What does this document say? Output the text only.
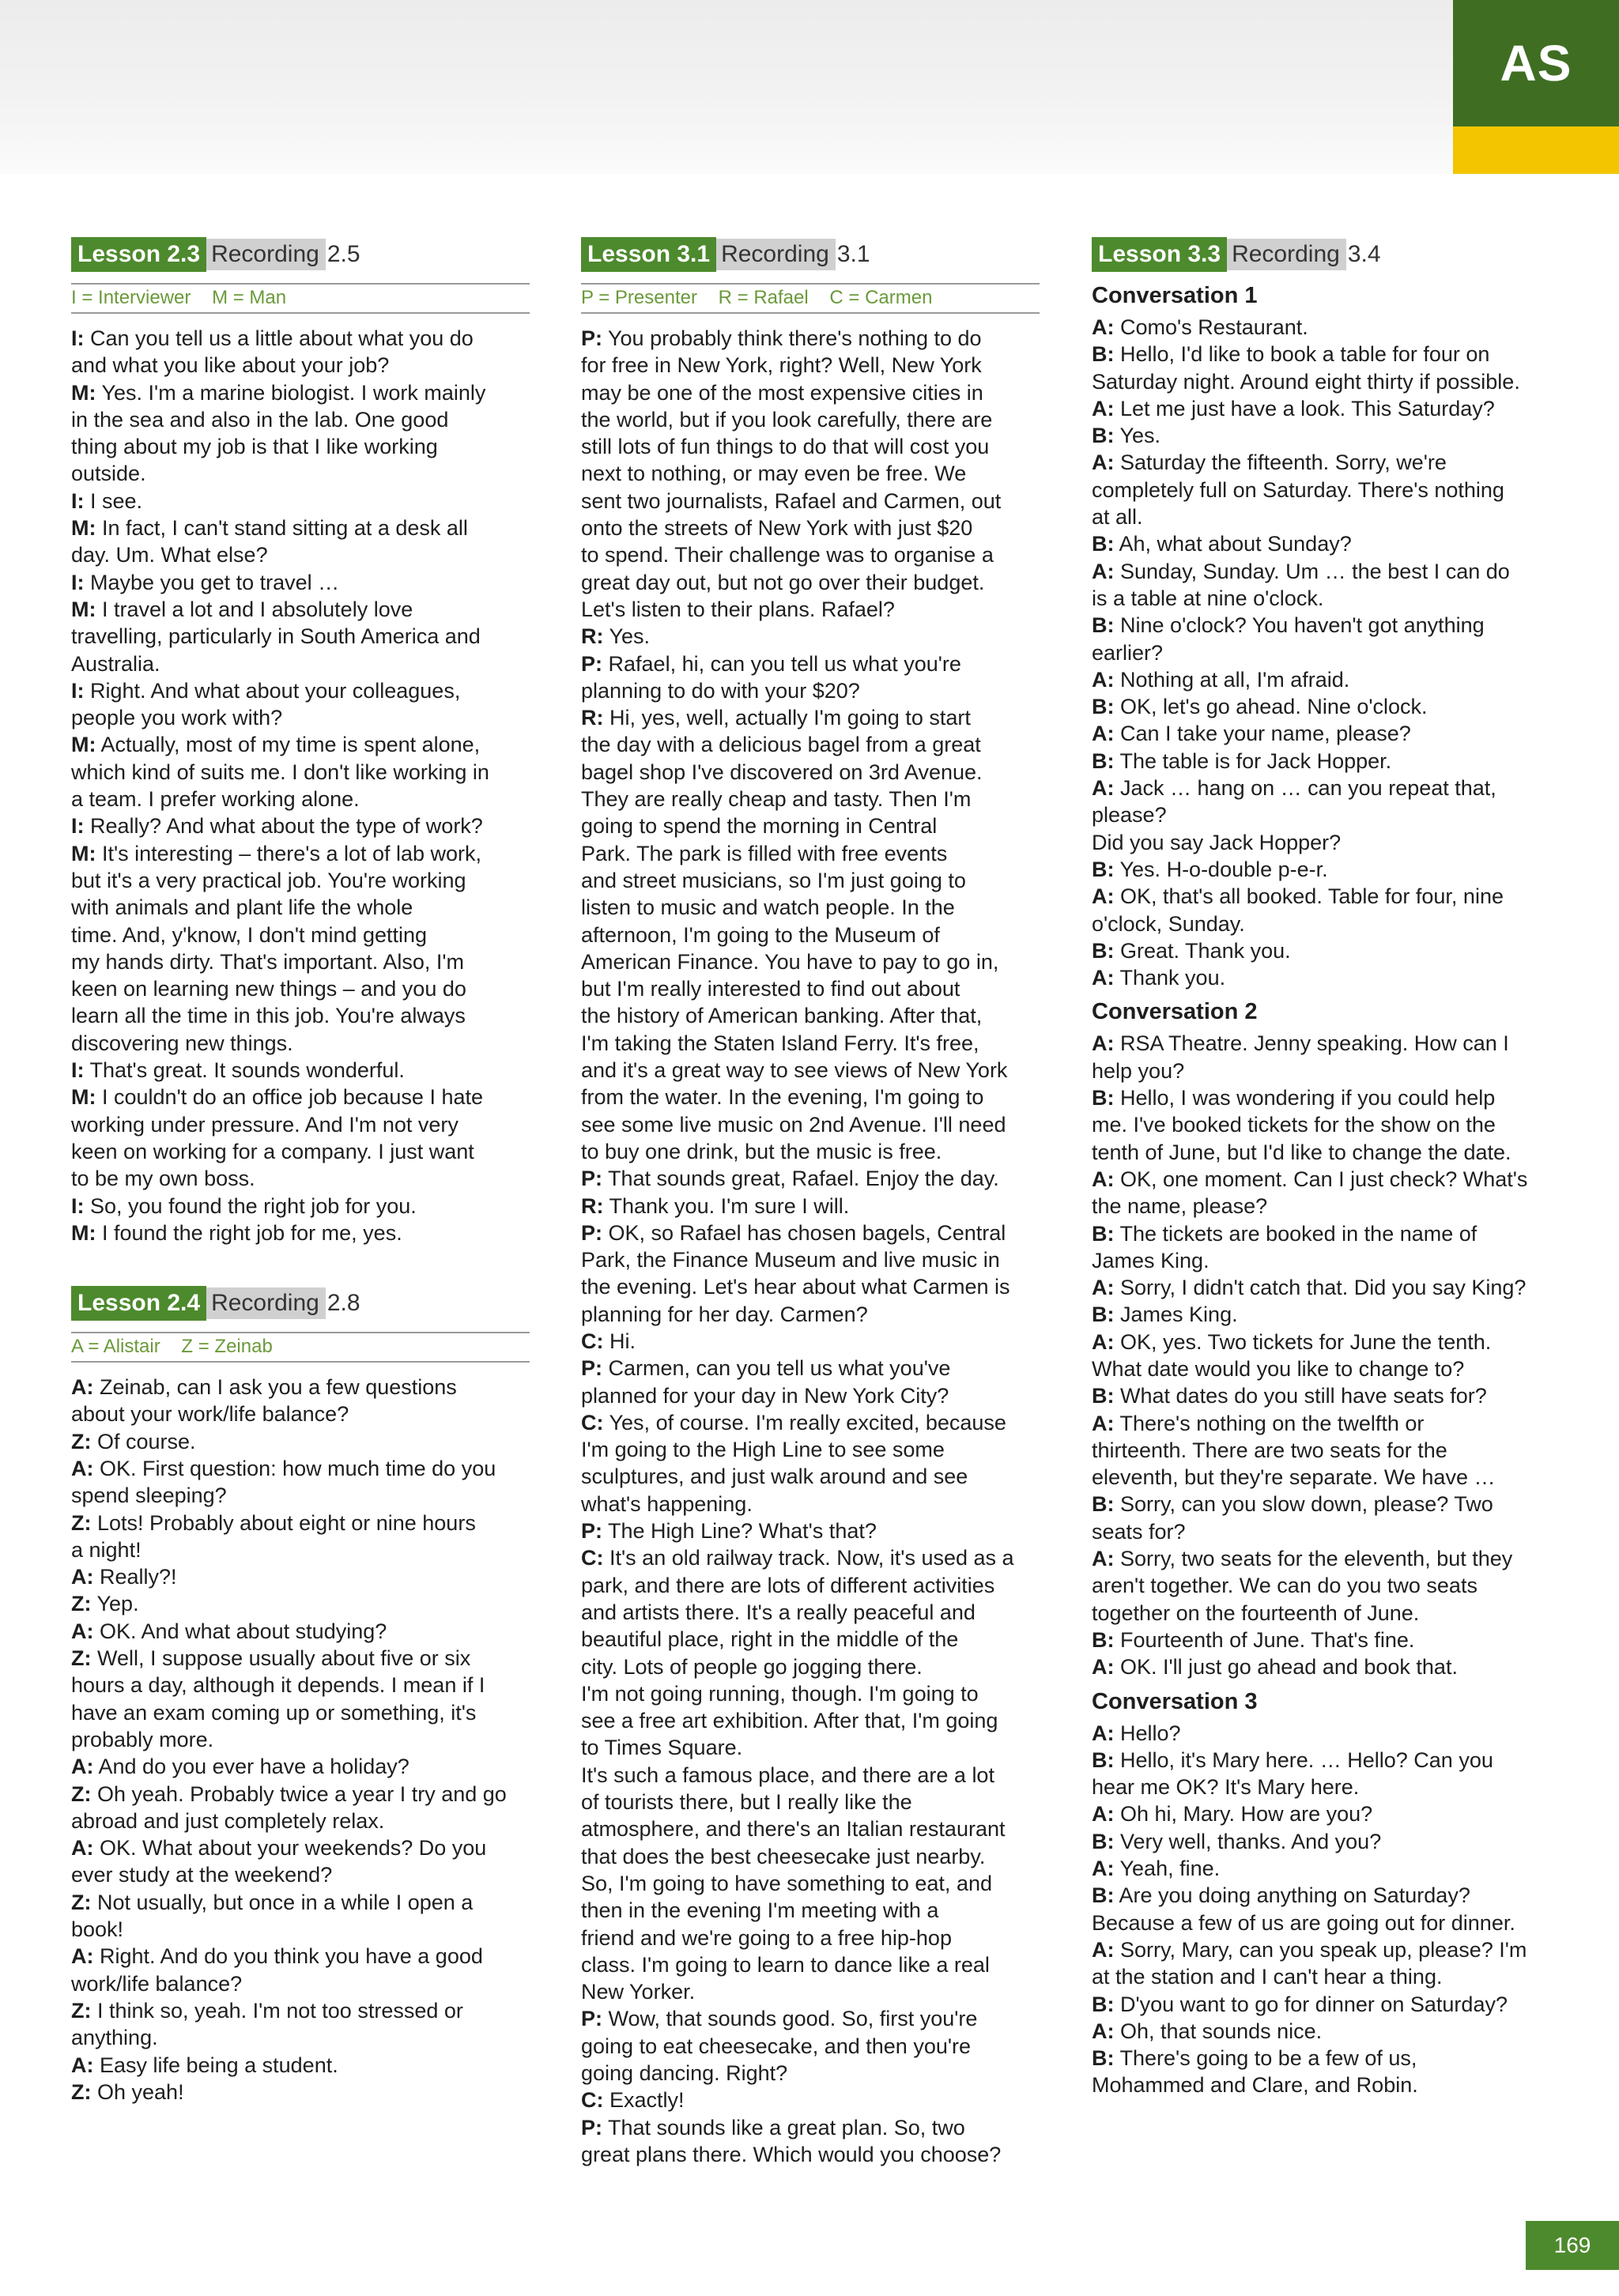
AS
Lesson 2.3 Recording 2.5
I = Interviewer    M = Man

I: Can you tell us a little about what you do

and what you like about your job?

M: Yes. I'm a marine biologist. I work mainly

in the sea and also in the lab. One good

thing about my job is that I like working

outside.

I: I see.

M: In fact, I can't stand sitting at a desk all

day. Um. What else?

I: Maybe you get to travel …

M: I travel a lot and I absolutely love

travelling, particularly in South America and

Australia.

I: Right. And what about your colleagues,

people you work with?

M: Actually, most of my time is spent alone,

which kind of suits me. I don't like working in

a team. I prefer working alone.

I: Really? And what about the type of work?

M: It's interesting – there's a lot of lab work,

but it's a very practical job. You're working

with animals and plant life the whole

time. And, y'know, I don't mind getting

my hands dirty. That's important. Also, I'm

keen on learning new things – and you do

learn all the time in this job. You're always

discovering new things.

I: That's great. It sounds wonderful.

M: I couldn't do an office job because I hate

working under pressure. And I'm not very

keen on working for a company. I just want

to be my own boss.

I: So, you found the right job for you.

M: I found the right job for me, yes.

Lesson 2.4 Recording 2.8
A = Alistair    Z = Zeinab

A: Zeinab, can I ask you a few questions

about your work/life balance?

Z: Of course.

A: OK. First question: how much time do you

spend sleeping?

Z: Lots! Probably about eight or nine hours

a night!

A: Really?!

Z: Yep.

A: OK. And what about studying?

Z: Well, I suppose usually about five or six

hours a day, although it depends. I mean if I

have an exam coming up or something, it's

probably more.

A: And do you ever have a holiday?

Z: Oh yeah. Probably twice a year I try and go

abroad and just completely relax.

A: OK. What about your weekends? Do you

ever study at the weekend?

Z: Not usually, but once in a while I open a

book!

A: Right. And do you think you have a good

work/life balance?

Z: I think so, yeah. I'm not too stressed or

anything.

A: Easy life being a student.

Z: Oh yeah!

Lesson 3.1 Recording 3.1
P = Presenter    R = Rafael    C = Carmen

P: You probably think there's nothing to do

for free in New York, right? Well, New York

may be one of the most expensive cities in

the world, but if you look carefully, there are

still lots of fun things to do that will cost you

next to nothing, or may even be free. We

sent two journalists, Rafael and Carmen, out

onto the streets of New York with just $20

to spend. Their challenge was to organise a

great day out, but not go over their budget.

Let's listen to their plans. Rafael?

R: Yes.

P: Rafael, hi, can you tell us what you're

planning to do with your $20?

R: Hi, yes, well, actually I'm going to start

the day with a delicious bagel from a great

bagel shop I've discovered on 3rd Avenue.

They are really cheap and tasty. Then I'm

going to spend the morning in Central

Park. The park is filled with free events

and street musicians, so I'm just going to

listen to music and watch people. In the

afternoon, I'm going to the Museum of

American Finance. You have to pay to go in,

but I'm really interested to find out about

the history of American banking. After that,

I'm taking the Staten Island Ferry. It's free,

and it's a great way to see views of New York

from the water. In the evening, I'm going to

see some live music on 2nd Avenue. I'll need

to buy one drink, but the music is free.

P: That sounds great, Rafael. Enjoy the day.

R: Thank you. I'm sure I will.

P: OK, so Rafael has chosen bagels, Central

Park, the Finance Museum and live music in

the evening. Let's hear about what Carmen is

planning for her day. Carmen?

C: Hi.

P: Carmen, can you tell us what you've

planned for your day in New York City?

C: Yes, of course. I'm really excited, because

I'm going to the High Line to see some

sculptures, and just walk around and see

what's happening.

P: The High Line? What's that?

C: It's an old railway track. Now, it's used as a

park, and there are lots of different activities

and artists there. It's a really peaceful and

beautiful place, right in the middle of the

city. Lots of people go jogging there.

I'm not going running, though. I'm going to

see a free art exhibition. After that, I'm going

to Times Square.

It's such a famous place, and there are a lot

of tourists there, but I really like the

atmosphere, and there's an Italian restaurant

that does the best cheesecake just nearby.

So, I'm going to have something to eat, and

then in the evening I'm meeting with a

friend and we're going to a free hip-hop

class. I'm going to learn to dance like a real

New Yorker.

P: Wow, that sounds good. So, first you're

going to eat cheesecake, and then you're

going dancing. Right?

C: Exactly!

P: That sounds like a great plan. So, two

great plans there. Which would you choose?

Lesson 3.3 Recording 3.4
Conversation 1

A: Como's Restaurant.

B: Hello, I'd like to book a table for four on

Saturday night. Around eight thirty if possible.

A: Let me just have a look. This Saturday?

B: Yes.

A: Saturday the fifteenth. Sorry, we're

completely full on Saturday. There's nothing

at all.

B: Ah, what about Sunday?

A: Sunday, Sunday. Um … the best I can do

is a table at nine o'clock.

B: Nine o'clock? You haven't got anything

earlier?

A: Nothing at all, I'm afraid.

B: OK, let's go ahead. Nine o'clock.

A: Can I take your name, please?

B: The table is for Jack Hopper.

A: Jack … hang on … can you repeat that,

please?

Did you say Jack Hopper?

B: Yes. H-o-double p-e-r.

A: OK, that's all booked. Table for four, nine

o'clock, Sunday.

B: Great. Thank you.

A: Thank you.

Conversation 2

A: RSA Theatre. Jenny speaking. How can I

help you?

B: Hello, I was wondering if you could help

me. I've booked tickets for the show on the

tenth of June, but I'd like to change the date.

A: OK, one moment. Can I just check? What's

the name, please?

B: The tickets are booked in the name of

James King.

A: Sorry, I didn't catch that. Did you say King?

B: James King.

A: OK, yes. Two tickets for June the tenth.

What date would you like to change to?

B: What dates do you still have seats for?

A: There's nothing on the twelfth or

thirteenth. There are two seats for the

eleventh, but they're separate. We have …

B: Sorry, can you slow down, please? Two

seats for?

A: Sorry, two seats for the eleventh, but they

aren't together. We can do you two seats

together on the fourteenth of June.

B: Fourteenth of June. That's fine.

A: OK. I'll just go ahead and book that.

Conversation 3

A: Hello?

B: Hello, it's Mary here. … Hello? Can you

hear me OK? It's Mary here.

A: Oh hi, Mary. How are you?

B: Very well, thanks. And you?

A: Yeah, fine.

B: Are you doing anything on Saturday?

Because a few of us are going out for dinner.

A: Sorry, Mary, can you speak up, please? I'm

at the station and I can't hear a thing.

B: D'you want to go for dinner on Saturday?

A: Oh, that sounds nice.

B: There's going to be a few of us,

Mohammed and Clare, and Robin.

169
